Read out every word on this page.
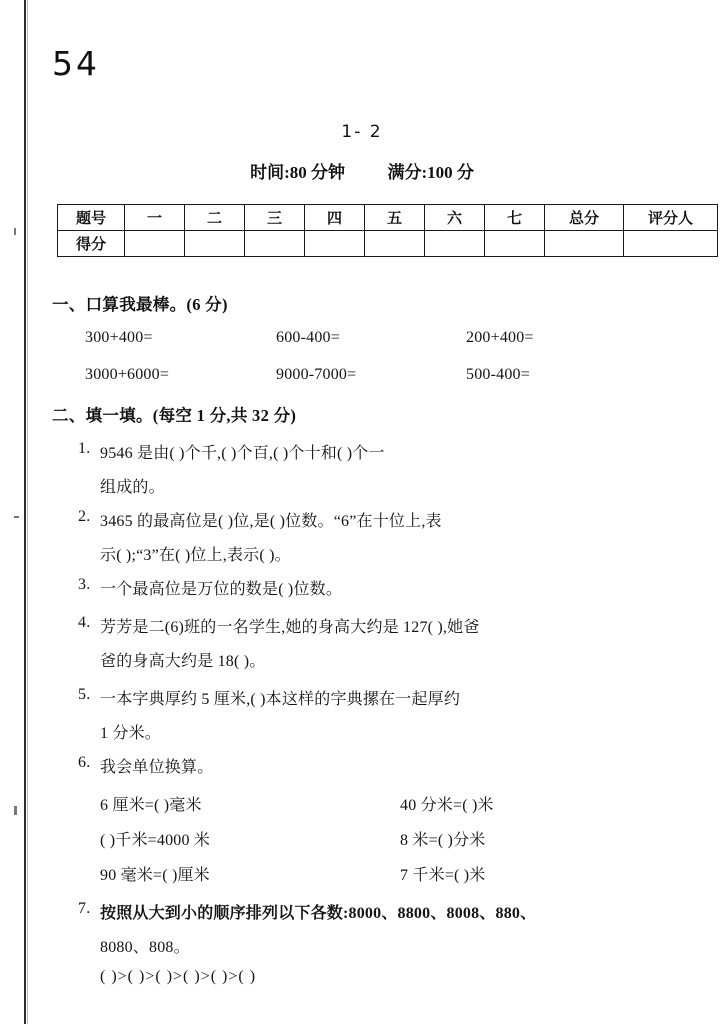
54
1- 2
时间:80 分钟	满分:100 分
题号	一	二	三	四	五	六	七	总分	评分人
得分									
一、口算我最棒。(6 分)
300+400=	600-400=	200+400=
3000+6000=	9000-7000=	500-400=
二、填一填。(每空 1 分,共 32 分)
1. 9546 是由( )个千,( )个百,( )个十和( )个一
组成的。
2. 3465 的最高位是( )位,是( )位数。“6”在十位上,表
示( );“3”在( )位上,表示( )。
3. 一个最高位是万位的数是( )位数。
4. 芳芳是二(6)班的一名学生,她的身高大约是 127( ),她爸
爸的身高大约是 18( )。
5. 一本字典厚约 5 厘米,( )本这样的字典摞在一起厚约
1 分米。
6. 我会单位换算。
6 厘米=( )毫米	40 分米=( )米
( )千米=4000 米	8 米=( )分米
90 毫米=( )厘米	7 千米=( )米
7. 按照从大到小的顺序排列以下各数:8000、8800、8008、880、
8080、808。
( )>( )>( )>( )>( )>( )
